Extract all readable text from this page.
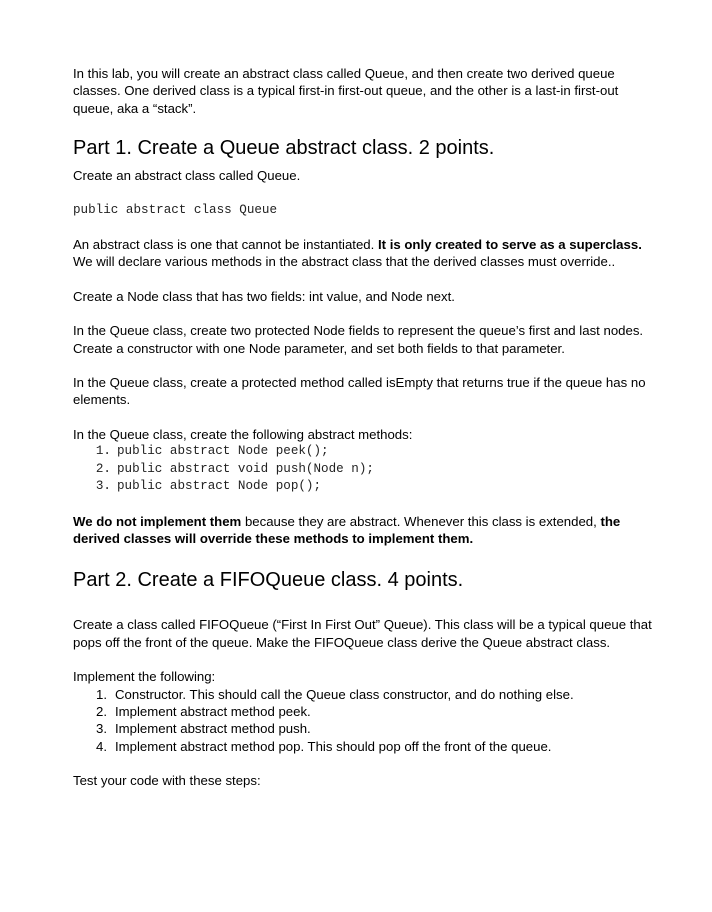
In this lab, you will create an abstract class called Queue, and then create two derived queue classes. One derived class is a typical first-in first-out queue, and the other is a last-in first-out queue, aka a “stack”.

Part 1. Create a Queue abstract class. 2 points.

Create an abstract class called Queue.

public abstract class Queue

An abstract class is one that cannot be instantiated. It is only created to serve as a superclass. We will declare various methods in the abstract class that the derived classes must override..

Create a Node class that has two fields: int value, and Node next.

In the Queue class, create two protected Node fields to represent the queue’s first and last nodes. Create a constructor with one Node parameter, and set both fields to that parameter.

In the Queue class, create a protected method called isEmpty that returns true if the queue has no elements.

In the Queue class, create the following abstract methods:

1. public abstract Node peek();
2. public abstract void push(Node n);
3. public abstract Node pop();

We do not implement them because they are abstract. Whenever this class is extended, the derived classes will override these methods to implement them.

Part 2. Create a FIFOQueue class. 4 points.

Create a class called FIFOQueue (“First In First Out” Queue). This class will be a typical queue that pops off the front of the queue. Make the FIFOQueue class derive the Queue abstract class.

Implement the following:

1. Constructor. This should call the Queue class constructor, and do nothing else.
2. Implement abstract method peek.
3. Implement abstract method push.
4. Implement abstract method pop. This should pop off the front of the queue.

Test your code with these steps:
